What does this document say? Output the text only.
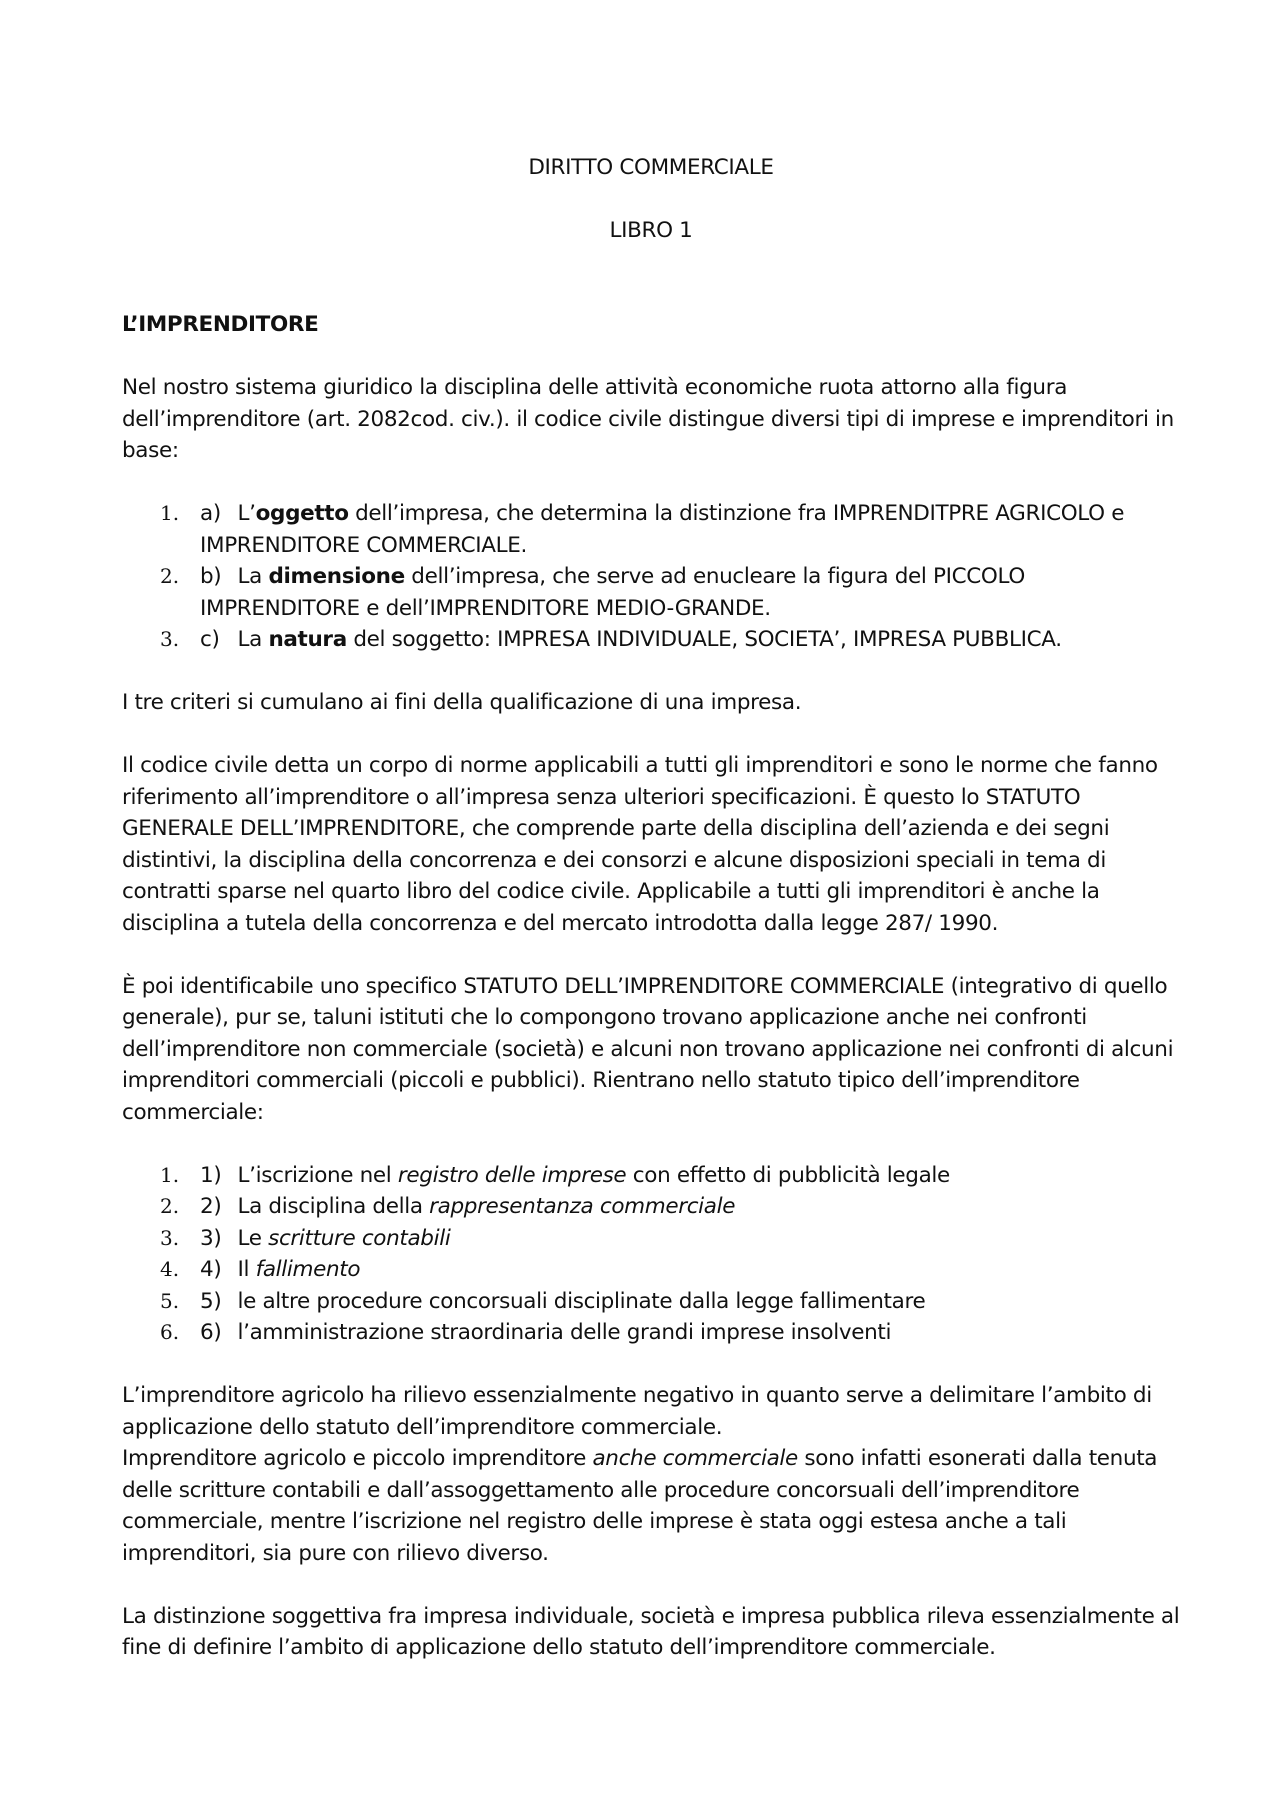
DIRITTO COMMERCIALE

LIBRO 1

L’IMPRENDITORE

Nel nostro sistema giuridico la disciplina delle attività economiche ruota attorno alla figura dell’imprenditore (art. 2082cod. civ.). il codice civile distingue diversi tipi di imprese e imprenditori in base:

1. a) L’oggetto dell’impresa, che determina la distinzione fra IMPRENDITPRE AGRICOLO e IMPRENDITORE COMMERCIALE.
2. b) La dimensione dell’impresa, che serve ad enucleare la figura del PICCOLO IMPRENDITORE e dell’IMPRENDITORE MEDIO-GRANDE.
3. c) La natura del soggetto: IMPRESA INDIVIDUALE, SOCIETA’, IMPRESA PUBBLICA.

I tre criteri si cumulano ai fini della qualificazione di una impresa.

Il codice civile detta un corpo di norme applicabili a tutti gli imprenditori e sono le norme che fanno riferimento all’imprenditore o all’impresa senza ulteriori specificazioni. È questo lo STATUTO GENERALE DELL’IMPRENDITORE, che comprende parte della disciplina dell’azienda e dei segni distintivi, la disciplina della concorrenza e dei consorzi e alcune disposizioni speciali in tema di contratti sparse nel quarto libro del codice civile. Applicabile a tutti gli imprenditori è anche la disciplina a tutela della concorrenza e del mercato introdotta dalla legge 287/ 1990.

È poi identificabile uno specifico STATUTO DELL’IMPRENDITORE COMMERCIALE (integrativo di quello generale), pur se, taluni istituti che lo compongono trovano applicazione anche nei confronti dell’imprenditore non commerciale (società) e alcuni non trovano applicazione nei confronti di alcuni imprenditori commerciali (piccoli e pubblici). Rientrano nello statuto tipico dell’imprenditore commerciale:

1. 1) L’iscrizione nel registro delle imprese con effetto di pubblicità legale
2. 2) La disciplina della rappresentanza commerciale
3. 3) Le scritture contabili
4. 4) Il fallimento
5. 5) le altre procedure concorsuali disciplinate dalla legge fallimentare
6. 6) l’amministrazione straordinaria delle grandi imprese insolventi

L’imprenditore agricolo ha rilievo essenzialmente negativo in quanto serve a delimitare l’ambito di applicazione dello statuto dell’imprenditore commerciale.

Imprenditore agricolo e piccolo imprenditore anche commerciale sono infatti esonerati dalla tenuta delle scritture contabili e dall’assoggettamento alle procedure concorsuali dell’imprenditore commerciale, mentre l’iscrizione nel registro delle imprese è stata oggi estesa anche a tali imprenditori, sia pure con rilievo diverso.

La distinzione soggettiva fra impresa individuale, società e impresa pubblica rileva essenzialmente al fine di definire l’ambito di applicazione dello statuto dell’imprenditore commerciale.
